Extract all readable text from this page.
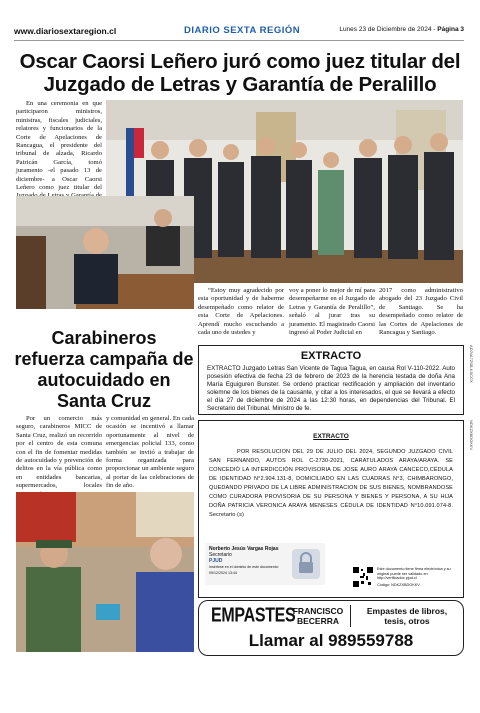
www.diariosextaregion.cl	DIARIO SEXTA REGIÓN	Lunes 23 de Diciembre de 2024 - Página 3
Oscar Caorsi Leñero juró como juez titular del Juzgado de Letras y Garantía de Peralillo
En una ceremonia en que participaron ministros, ministras, fiscales judiciales, relatores y funcionarios de la Corte de Apelaciones de Rancagua, el presidente del tribunal de alzada, Ricardo Pairicán García, tomó juramento -el pasado 13 de diciembre- a Oscar Caorsi Leñero como juez titular del
“Estoy muy agradecido por esta oportunidad y de haberme desempeñado como relator de esta Corte de Apelaciones. Aprendí mucho escuchando a cada uno de ustedes y
voy a poner lo mejor de mí para desempeñarme en el Juzgado de Letras y Garantía de Peralillo”, señaló al jurar tras su juramento. El magistrado Caorsi ingresó al Poder Judicial en
2017 como administrativo abogado del 23 Juzgado Civil de Santiago. Se ha desempeñado como relator de las Cortes de Apelaciones de Rancagua y Santiago.
Carabineros refuerza campaña de autocuidado en Santa Cruz
Por un comercio más seguro, carabineros MICC de Santa Cruz, realizó un recorrido por el centro de esta comuna con el fin de fomentar medidas de autocuidado y prevención de delitos en la vía pública como en entidades bancarias, supermercados, locales
y comunidad en general. En cada ocasión se incentivó a llamar oportunamente al nivel de emergencias policial 133, como también se invitó a trabajar de forma organizada para proporcionar un ambiente seguro al portar de las celebraciones de fin de año.
EXTRACTO
EXTRACTO Juzgado Letras San Vicente de Tagua Tagua, en causa Rol V-110-2022. Auto posesión efectiva de fecha 23 de febrero de 2023 de la herencia testada de doña Ana María Eguiguren Bunster. Se ordenó practicar rectificación y ampliación del inventario solemne de los bienes de la causante, y citar a los interesados, el que se llevará a efecto el día 27 de diciembre de 2024 a las 12:30 horas, en dependencias del Tribunal. El Secretario del Tribunal. Ministro de fe.
ADJVA7ZSB-KSCCX
EXTRACTO
POR RESOLUCION DEL 29 DE JULIO DEL 2024, SEGUNDO JUZGADO CIVIL SAN FERNANDO, AUTOS ROL C-2730-2021, CARATULADOS ARAYA/ARAYA. SE CONCEDIÓ LA INTERDICCIÓN PROVISORIA DE JOSE AURO ARAYA CANCECO,CÉDULA DE IDENTIDAD N°2.904.131-8, DOMICILIADO EN LAS CUADRAS N°3, CHIMBARONGO, QUEDANDO PRIVADO DE LA LIBRE ADMINISTRACION DE SUS BIENES, NOMBRANDOSE COMO CURADORA PROVISORIA DE SU PERSONA Y BIENES Y PERSONA, A SU HIJA DOÑA PATRICIA VERONICA ARAYA MENESES CÉDULA DE IDENTIDAD N°10.091.074-8. Secretario (s)
Norberto Jesús Vargas Rojas
Secretario
PJUD
Insértese en el dominio de este documento:
09/12/2024 13:44
Este documento tiene firma electrónica y su original puede ser validado en http://verificadoc.pjud.cl
Código: NDKZXBDGKKV
NDKZXBDGKKV
EMPASTES
FRANCISCO
BECERRA
Empastes de libros, tesis, otros
Llamar al 989559788
